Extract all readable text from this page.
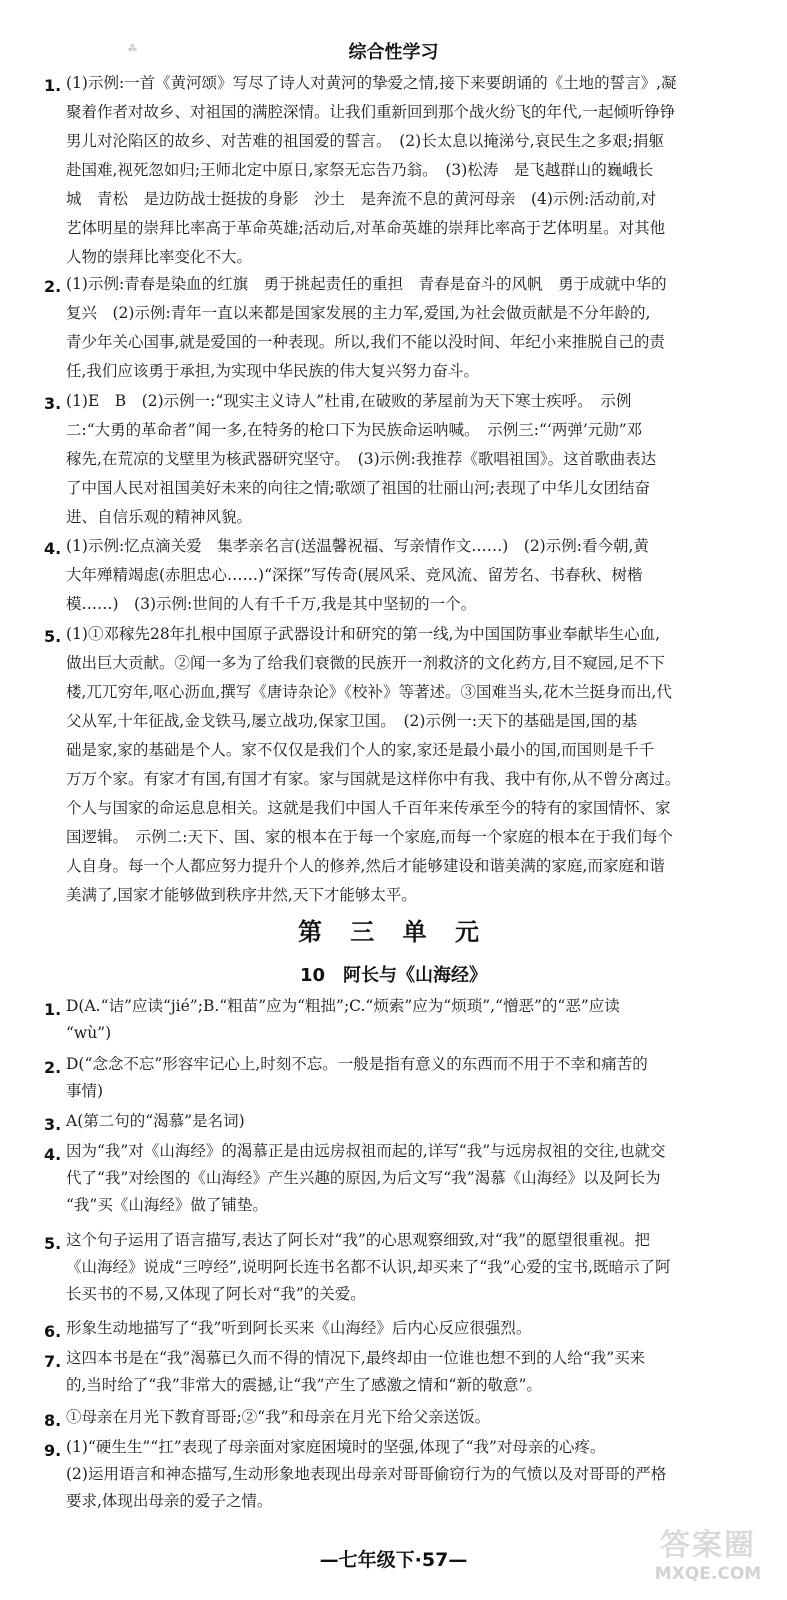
⁂	综合性学习
1. (1)示例:一首《黄河颂》写尽了诗人对黄河的挚爱之情,接下来要朗诵的《土地的誓言》,凝
聚着作者对故乡、对祖国的满腔深情。让我们重新回到那个战火纷飞的年代,一起倾听铮铮
男儿对沦陷区的故乡、对苦难的祖国爱的誓言。　(2)长太息以掩涕兮,哀民生之多艰;捐躯
赴国难,视死忽如归;王师北定中原日,家祭无忘告乃翁。　(3)松涛　是飞越群山的巍峨长
城　青松　是边防战士挺拔的身影　沙土　是奔流不息的黄河母亲　(4)示例:活动前,对
艺体明星的崇拜比率高于革命英雄;活动后,对革命英雄的崇拜比率高于艺体明星。对其他
人物的崇拜比率变化不大。
2. (1)示例:青春是染血的红旗　勇于挑起责任的重担　青春是奋斗的风帆　勇于成就中华的
复兴　(2)示例:青年一直以来都是国家发展的主力军,爱国,为社会做贡献是不分年龄的,
青少年关心国事,就是爱国的一种表现。所以,我们不能以没时间、年纪小来推脱自己的责
任,我们应该勇于承担,为实现中华民族的伟大复兴努力奋斗。
3. (1)E　B　(2)示例一:“现实主义诗人”杜甫,在破败的茅屋前为天下寒士疾呼。　示例
二:“大勇的革命者”闻一多,在特务的枪口下为民族命运呐喊。　示例三:“‘两弹’元勋”邓
稼先,在荒凉的戈壁里为核武器研究坚守。　(3)示例:我推荐《歌唱祖国》。这首歌曲表达
了中国人民对祖国美好未来的向往之情;歌颂了祖国的壮丽山河;表现了中华儿女团结奋
进、自信乐观的精神风貌。
4. (1)示例:忆点滴关爱　集孝亲名言(送温馨祝福、写亲情作文……)　(2)示例:看今朝,黄
大年殚精竭虑(赤胆忠心……)“深探”写传奇(展风采、竞风流、留芳名、书春秋、树楷
模……)　(3)示例:世间的人有千千万,我是其中坚韧的一个。
5. (1)①邓稼先28年扎根中国原子武器设计和研究的第一线,为中国国防事业奉献毕生心血,
做出巨大贡献。②闻一多为了给我们衰微的民族开一剂救济的文化药方,目不窥园,足不下
楼,兀兀穷年,呕心沥血,撰写《唐诗杂论》《校补》等著述。③国难当头,花木兰挺身而出,代
父从军,十年征战,金戈铁马,屡立战功,保家卫国。　(2)示例一:天下的基础是国,国的基
础是家,家的基础是个人。家不仅仅是我们个人的家,家还是最小最小的国,而国则是千千
万万个家。有家才有国,有国才有家。家与国就是这样你中有我、我中有你,从不曾分离过。
个人与国家的命运息息相关。这就是我们中国人千百年来传承至今的特有的家国情怀、家
国逻辑。　示例二:天下、国、家的根本在于每一个家庭,而每一个家庭的根本在于我们每个
人自身。每一个人都应努力提升个人的修养,然后才能够建设和谐美满的家庭,而家庭和谐
美满了,国家才能够做到秩序井然,天下才能够太平。
第 三 单 元
10　阿长与《山海经》
1. D(A.“诘”应读“jié”;B.“粗苗”应为“粗拙”;C.“烦索”应为“烦琐”,“憎恶”的“恶”应读
“wù”)
2. D(“念念不忘”形容牢记心上,时刻不忘。一般是指有意义的东西而不用于不幸和痛苦的
事情)
3. A(第二句的“渴慕”是名词)
4. 因为“我”对《山海经》的渴慕正是由远房叔祖而起的,详写“我”与远房叔祖的交往,也就交
代了“我”对绘图的《山海经》产生兴趣的原因,为后文写“我”渴慕《山海经》以及阿长为
“我”买《山海经》做了铺垫。
5. 这个句子运用了语言描写,表达了阿长对“我”的心思观察细致,对“我”的愿望很重视。把
《山海经》说成“三哼经”,说明阿长连书名都不认识,却买来了“我”心爱的宝书,既暗示了阿
长买书的不易,又体现了阿长对“我”的关爱。
6. 形象生动地描写了“我”听到阿长买来《山海经》后内心反应很强烈。
7. 这四本书是在“我”渴慕已久而不得的情况下,最终却由一位谁也想不到的人给“我”买来
的,当时给了“我”非常大的震撼,让“我”产生了感激之情和“新的敬意”。
8. ①母亲在月光下教育哥哥;②“我”和母亲在月光下给父亲送饭。
9. (1)“硬生生”“扛”表现了母亲面对家庭困境时的坚强,体现了“我”对母亲的心疼。
(2)运用语言和神态描写,生动形象地表现出母亲对哥哥偷窃行为的气愤以及对哥哥的严格
要求,体现出母亲的爱子之情。
—七年级下·57—	答案圈
MXQE.COM
